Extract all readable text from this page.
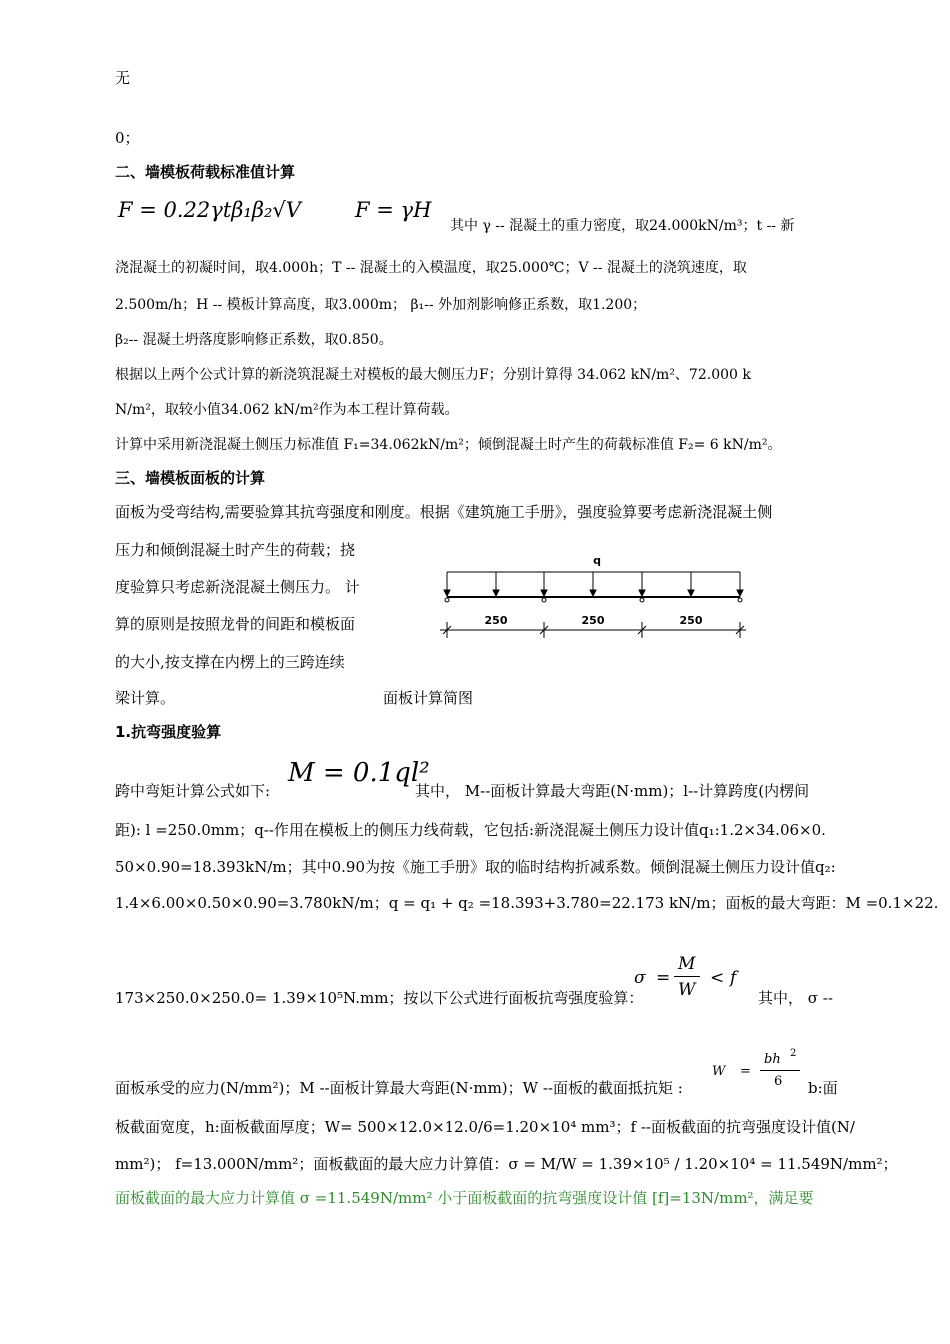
无
0；
二、墙模板荷载标准值计算
F = 0.22γtβ₁β₂√V	F = γH
其中 γ -- 混凝土的重力密度，取24.000kN/m³；t -- 新
浇混凝土的初凝时间，取4.000h；T -- 混凝土的入模温度，取25.000℃；V -- 混凝土的浇筑速度，取
2.500m/h；H -- 模板计算高度，取3.000m； β₁-- 外加剂影响修正系数，取1.200；
β₂-- 混凝土坍落度影响修正系数，取0.850。
根据以上两个公式计算的新浇筑混凝土对模板的最大侧压力F；分别计算得 34.062 kN/m²、72.000 k
N/m²，取较小值34.062 kN/m²作为本工程计算荷载。
计算中采用新浇混凝土侧压力标准值 F₁=34.062kN/m²；倾倒混凝土时产生的荷载标准值 F₂= 6 kN/m²。
三、墙模板面板的计算
面板为受弯结构,需要验算其抗弯强度和刚度。根据《建筑施工手册》，强度验算要考虑新浇混凝土侧
压力和倾倒混凝土时产生的荷载；挠
度验算只考虑新浇混凝土侧压力。 计
算的原则是按照龙骨的间距和模板面
的大小,按支撑在内楞上的三跨连续
梁计算。
q
250	250	250
面板计算简图
1.抗弯强度验算
跨中弯矩计算公式如下:
M = 0.1ql²
其中， M--面板计算最大弯距(N·mm)；l--计算跨度(内楞间
距): l =250.0mm；q--作用在模板上的侧压力线荷载，它包括:新浇混凝土侧压力设计值q₁:1.2×34.06×0.
50×0.90=18.393kN/m；其中0.90为按《施工手册》取的临时结构折减系数。倾倒混凝土侧压力设计值q₂:
1.4×6.00×0.50×0.90=3.780kN/m；q = q₁ + q₂ =18.393+3.780=22.173 kN/m；面板的最大弯距：M =0.1×22.
173×250.0×250.0= 1.39×10⁵N.mm；按以下公式进行面板抗弯强度验算：
σ =
M
W
< f
其中， σ --
面板承受的应力(N/mm²)；M --面板计算最大弯距(N·mm)；W --面板的截面抵抗矩 :
W =
bh 2
6 b:面
板截面宽度，h:面板截面厚度；W= 500×12.0×12.0/6=1.20×10⁴ mm³；f --面板截面的抗弯强度设计值(N/
mm²)； f=13.000N/mm²；面板截面的最大应力计算值：σ = M/W = 1.39×10⁵ / 1.20×10⁴ = 11.549N/mm²；
面板截面的最大应力计算值 σ =11.549N/mm² 小于面板截面的抗弯强度设计值 [f]=13N/mm²，满足要
